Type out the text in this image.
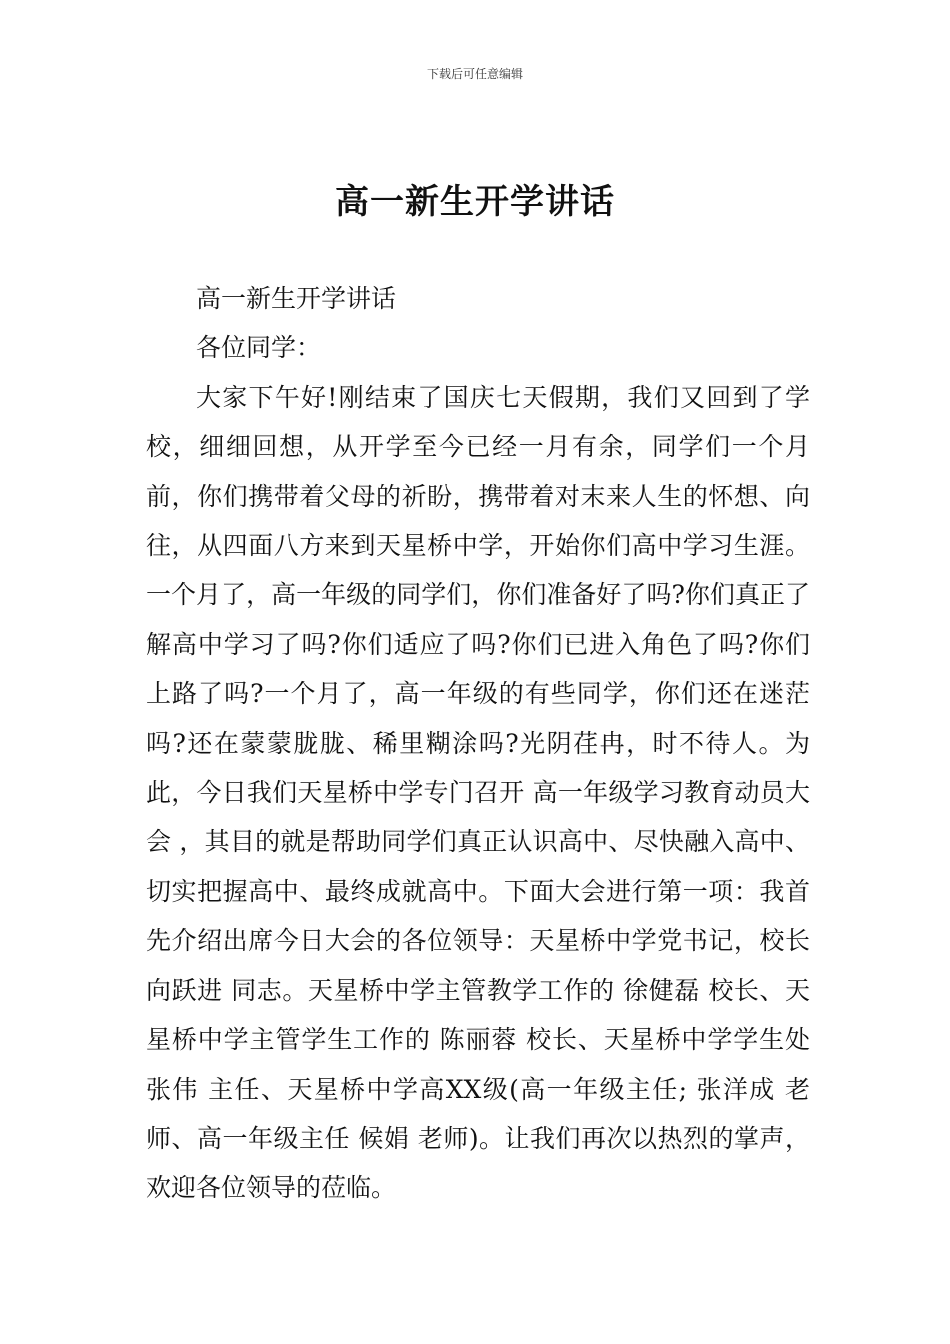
下载后可任意编辑
高一新生开学讲话

高一新生开学讲话

各位同学：

大家下午好!刚结束了国庆七天假期，我们又回到了学校，细细回想，从开学至今已经一月有余，同学们一个月前，你们携带着父母的祈盼，携带着对末来人生的怀想、向往，从四面八方来到天星桥中学，开始你们高中学习生涯。一个月了，高一年级的同学们，你们准备好了吗?你们真正了解高中学习了吗?你们适应了吗?你们已进入角色了吗?你们上路了吗?一个月了，高一年级的有些同学，你们还在迷茫吗?还在蒙蒙胧胧、稀里糊涂吗?光阴荏冉，时不待人。为此，今日我们天星桥中学专门召开 高一年级学习教育动员大会 ，其目的就是帮助同学们真正认识高中、尽快融入高中、切实把握高中、最终成就高中。下面大会进行第一项：我首先介绍出席今日大会的各位领导：天星桥中学党书记，校长 向跃进 同志。天星桥中学主管教学工作的 徐健磊 校长、天星桥中学主管学生工作的 陈丽蓉 校长、天星桥中学学生处 张伟 主任、天星桥中学高XX级(高一年级主任; 张洋成 老师、高一年级主任 候娟 老师)。让我们再次以热烈的掌声，欢迎各位领导的莅临。
